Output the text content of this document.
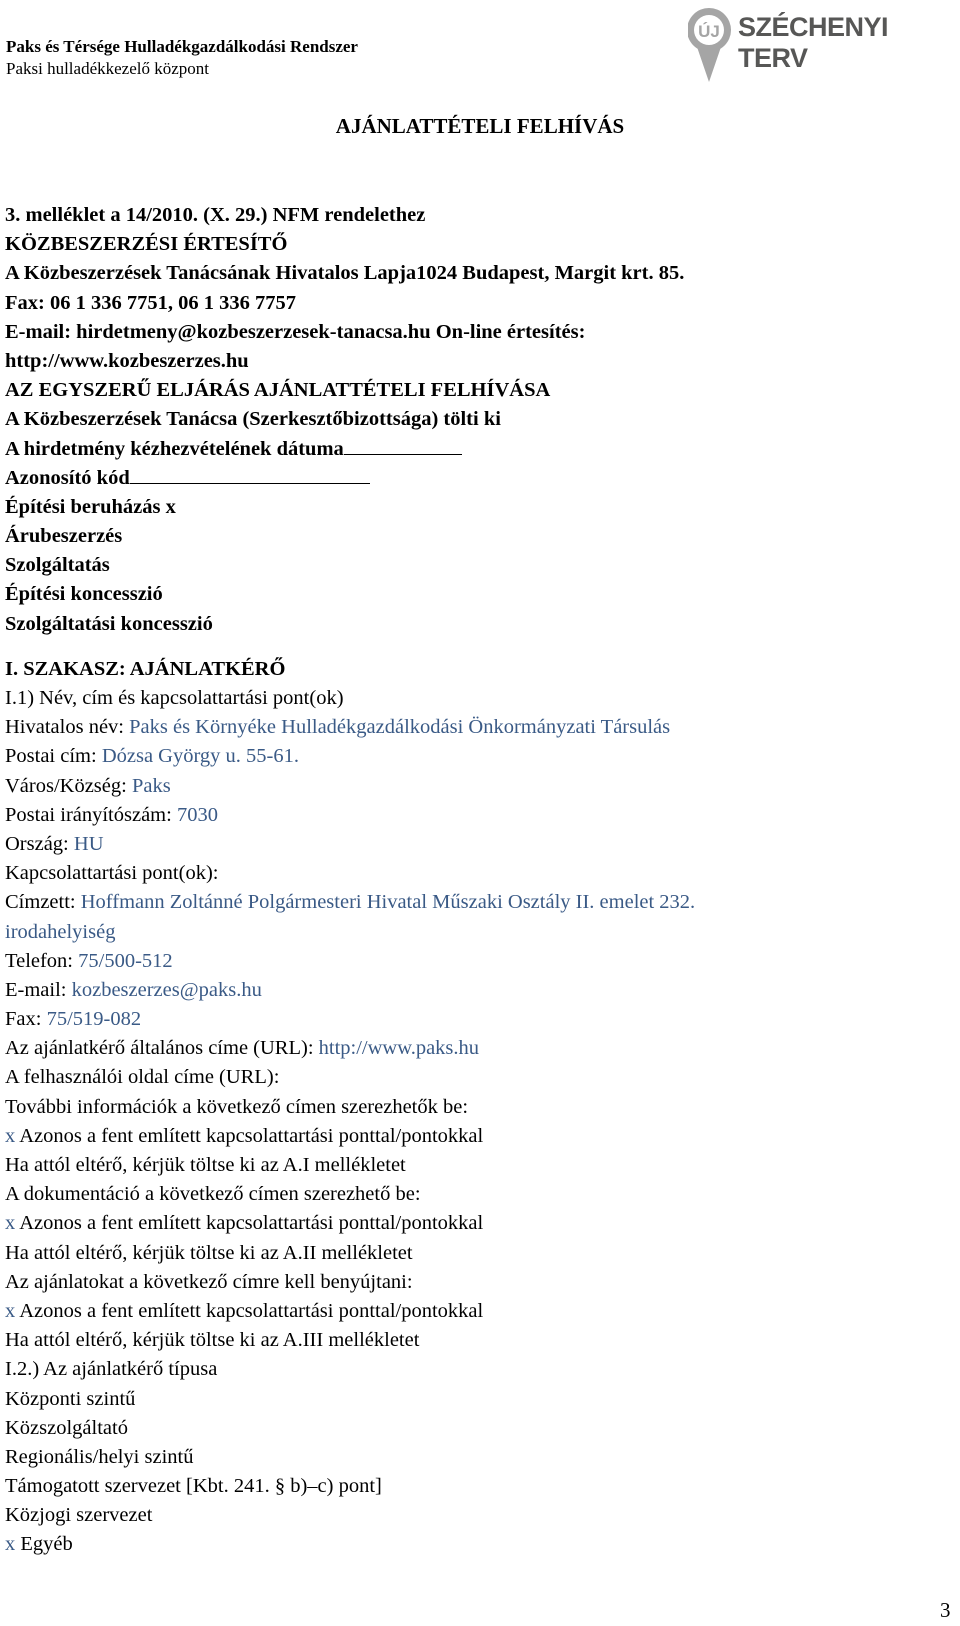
Paks és Térsége Hulladékgazdálkodási Rendszer
Paksi hulladékkezelő központ
ÚJ SZÉCHENYI TERV
AJÁNLATTÉTELI FELHÍVÁS
3. melléklet a 14/2010. (X. 29.) NFM rendelethez
KÖZBESZERZÉSI ÉRTESÍTŐ
A Közbeszerzések Tanácsának Hivatalos Lapja1024 Budapest, Margit krt. 85.
Fax: 06 1 336 7751, 06 1 336 7757
E-mail: hirdetmeny@kozbeszerzesek-tanacsa.hu On-line értesítés:
http://www.kozbeszerzes.hu
AZ EGYSZERŰ ELJÁRÁS AJÁNLATTÉTELI FELHÍVÁSA
A Közbeszerzések Tanácsa (Szerkesztőbizottsága) tölti ki
A hirdetmény kézhezvételének dátuma
Azonosító kód
Építési beruházás x
Árubeszerzés
Szolgáltatás
Építési koncesszió
Szolgáltatási koncesszió
I. SZAKASZ: AJÁNLATKÉRŐ
I.1) Név, cím és kapcsolattartási pont(ok)
Hivatalos név: Paks és Környéke Hulladékgazdálkodási Önkormányzati Társulás
Postai cím: Dózsa György u. 55-61.
Város/Község: Paks
Postai irányítószám: 7030
Ország: HU
Kapcsolattartási pont(ok):
Címzett: Hoffmann Zoltánné Polgármesteri Hivatal Műszaki Osztály II. emelet 232.
irodahelyiség
Telefon: 75/500-512
E-mail: kozbeszerzes@paks.hu
Fax: 75/519-082
Az ajánlatkérő általános címe (URL): http://www.paks.hu
A felhasználói oldal címe (URL):
További információk a következő címen szerezhetők be:
x Azonos a fent említett kapcsolattartási ponttal/pontokkal
Ha attól eltérő, kérjük töltse ki az A.I mellékletet
A dokumentáció a következő címen szerezhető be:
x Azonos a fent említett kapcsolattartási ponttal/pontokkal
Ha attól eltérő, kérjük töltse ki az A.II mellékletet
Az ajánlatokat a következő címre kell benyújtani:
x Azonos a fent említett kapcsolattartási ponttal/pontokkal
Ha attól eltérő, kérjük töltse ki az A.III mellékletet
I.2.) Az ajánlatkérő típusa
Központi szintű
Közszolgáltató
Regionális/helyi szintű
Támogatott szervezet [Kbt. 241. § b)–c) pont]
Közjogi szervezet
x Egyéb
3
